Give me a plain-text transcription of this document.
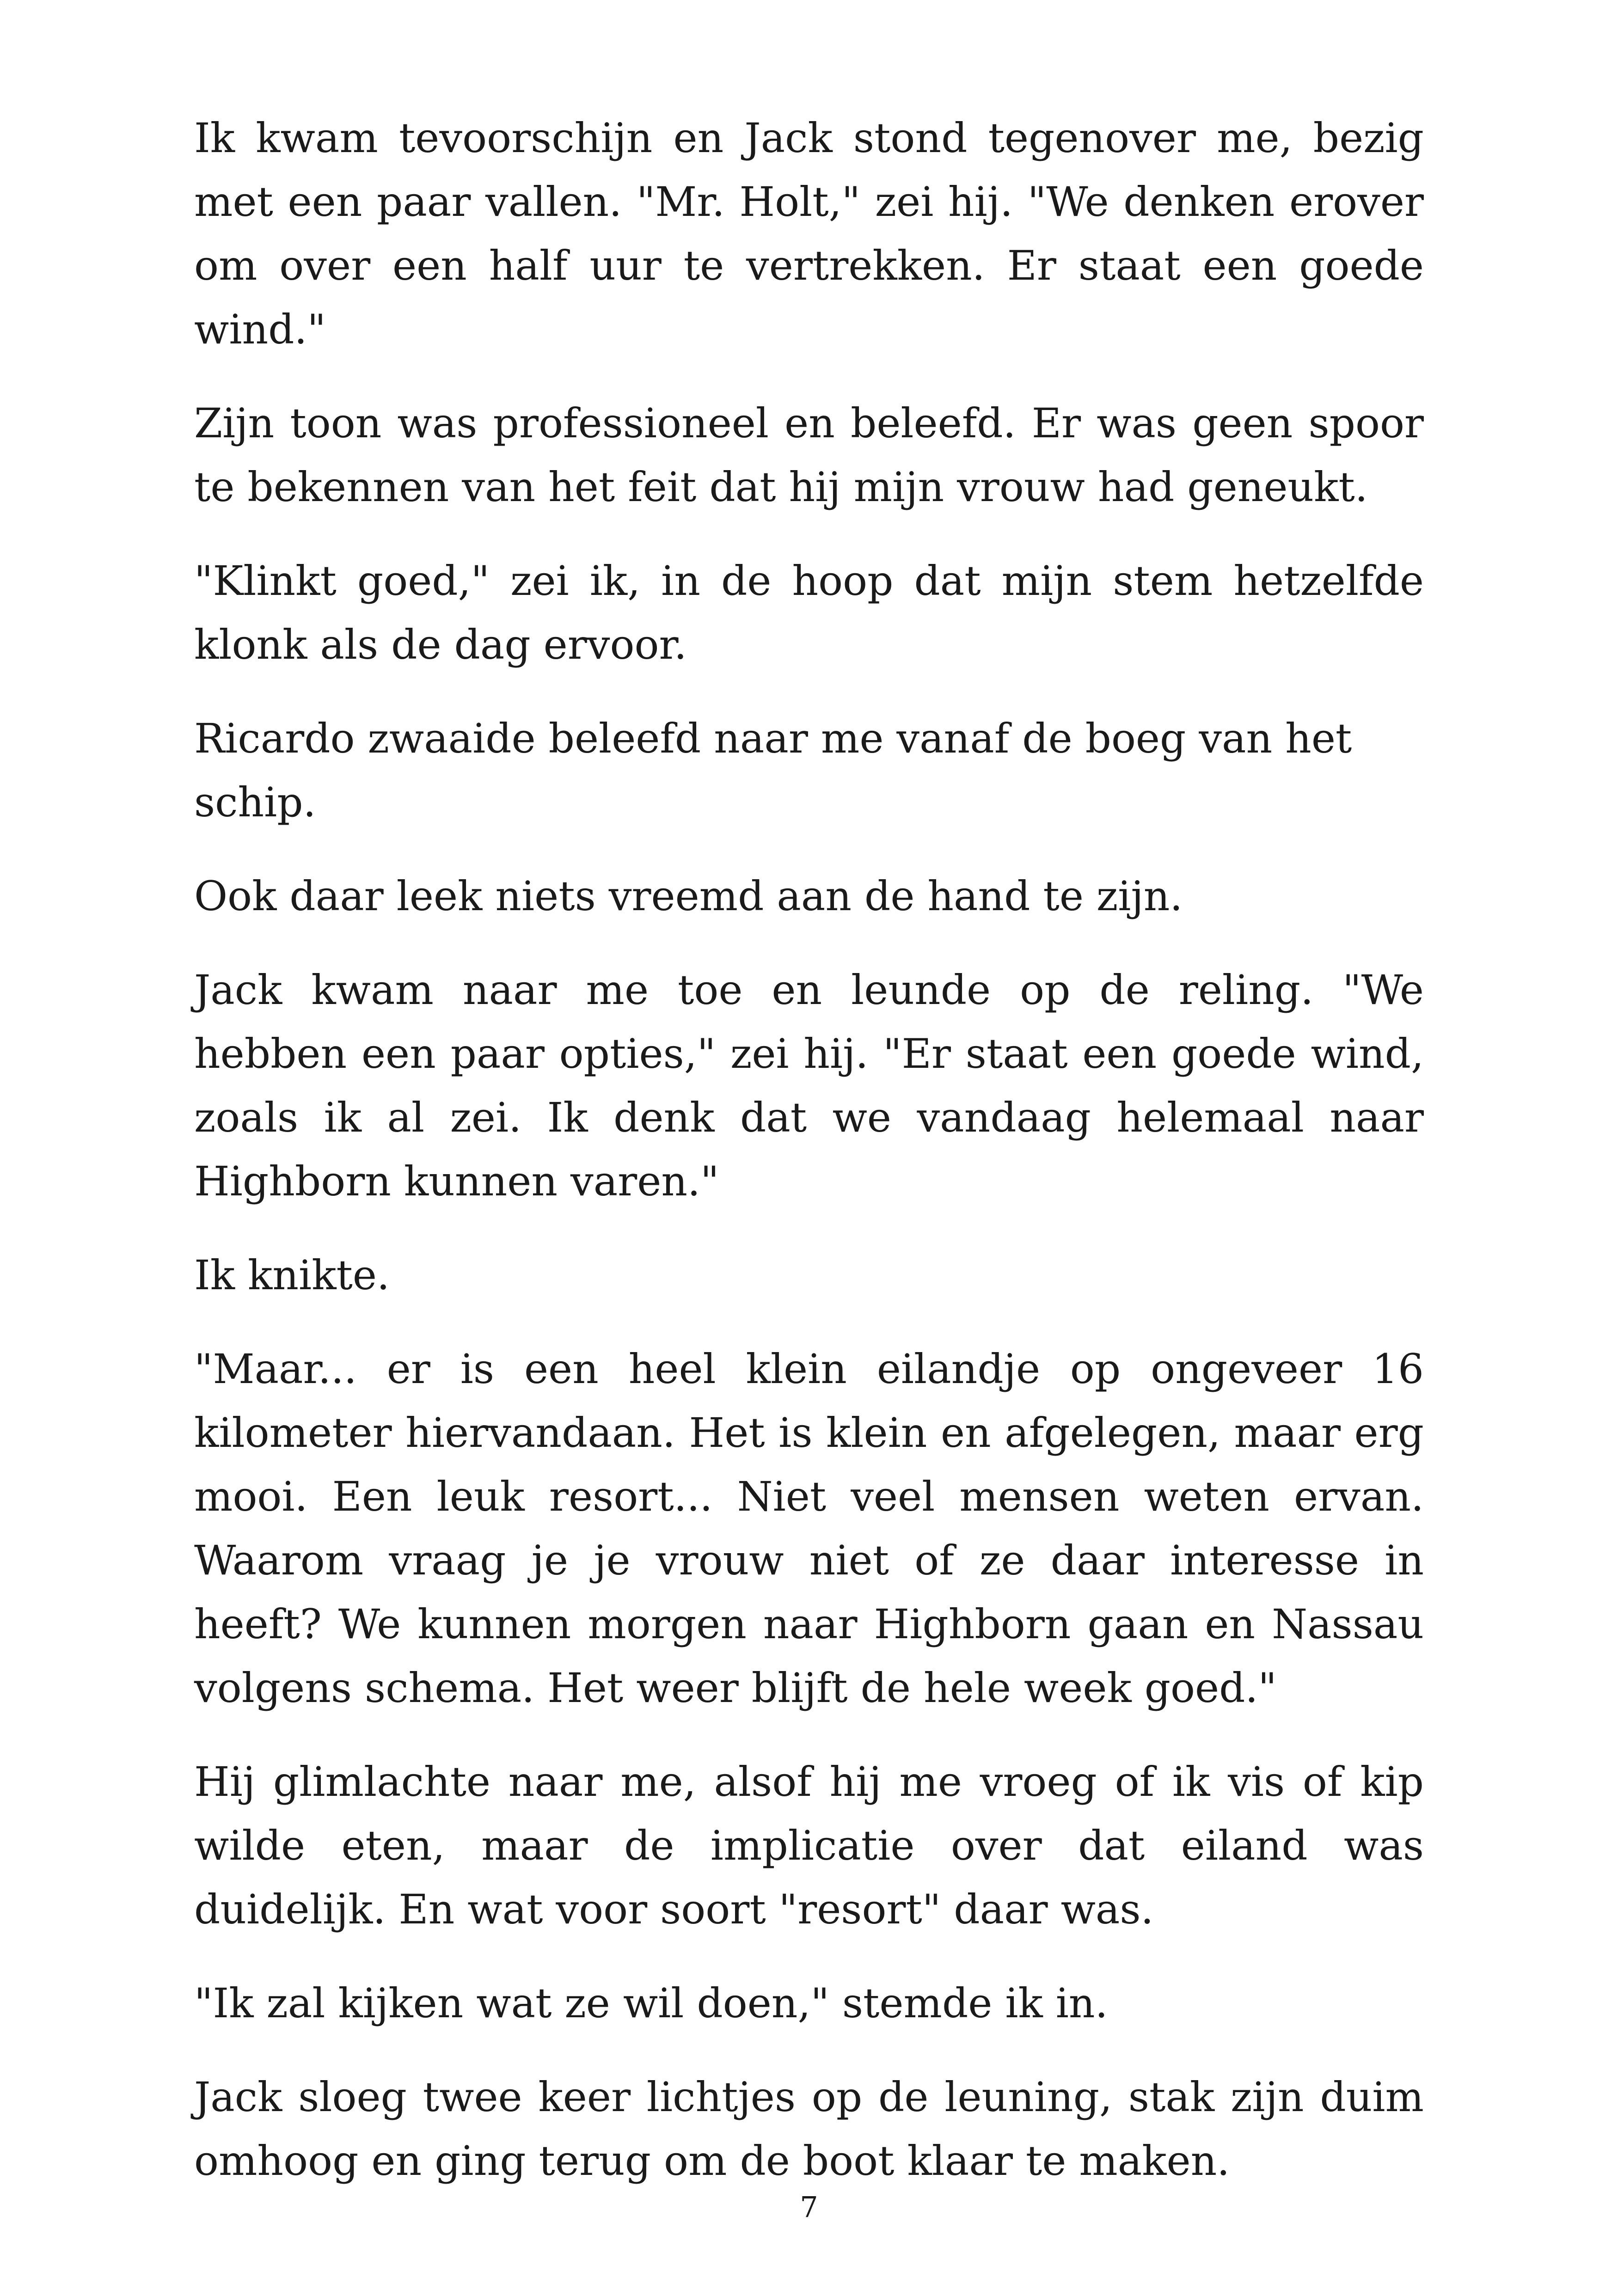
Ik kwam tevoorschijn en Jack stond tegenover me, bezig met een paar vallen. "Mr. Holt," zei hij. "We denken erover om over een half uur te vertrekken. Er staat een goede wind."

Zijn toon was professioneel en beleefd. Er was geen spoor te bekennen van het feit dat hij mijn vrouw had geneukt.

"Klinkt goed," zei ik, in de hoop dat mijn stem hetzelfde klonk als de dag ervoor.

Ricardo zwaaide beleefd naar me vanaf de boeg van het schip.

Ook daar leek niets vreemd aan de hand te zijn.

Jack kwam naar me toe en leunde op de reling. "We hebben een paar opties," zei hij. "Er staat een goede wind, zoals ik al zei. Ik denk dat we vandaag helemaal naar Highborn kunnen varen."

Ik knikte.

"Maar... er is een heel klein eilandje op ongeveer 16 kilometer hiervandaan. Het is klein en afgelegen, maar erg mooi. Een leuk resort... Niet veel mensen weten ervan. Waarom vraag je je vrouw niet of ze daar interesse in heeft? We kunnen morgen naar Highborn gaan en Nassau volgens schema. Het weer blijft de hele week goed."

Hij glimlachte naar me, alsof hij me vroeg of ik vis of kip wilde eten, maar de implicatie over dat eiland was duidelijk. En wat voor soort "resort" daar was.

"Ik zal kijken wat ze wil doen," stemde ik in.

Jack sloeg twee keer lichtjes op de leuning, stak zijn duim omhoog en ging terug om de boot klaar te maken.

7
